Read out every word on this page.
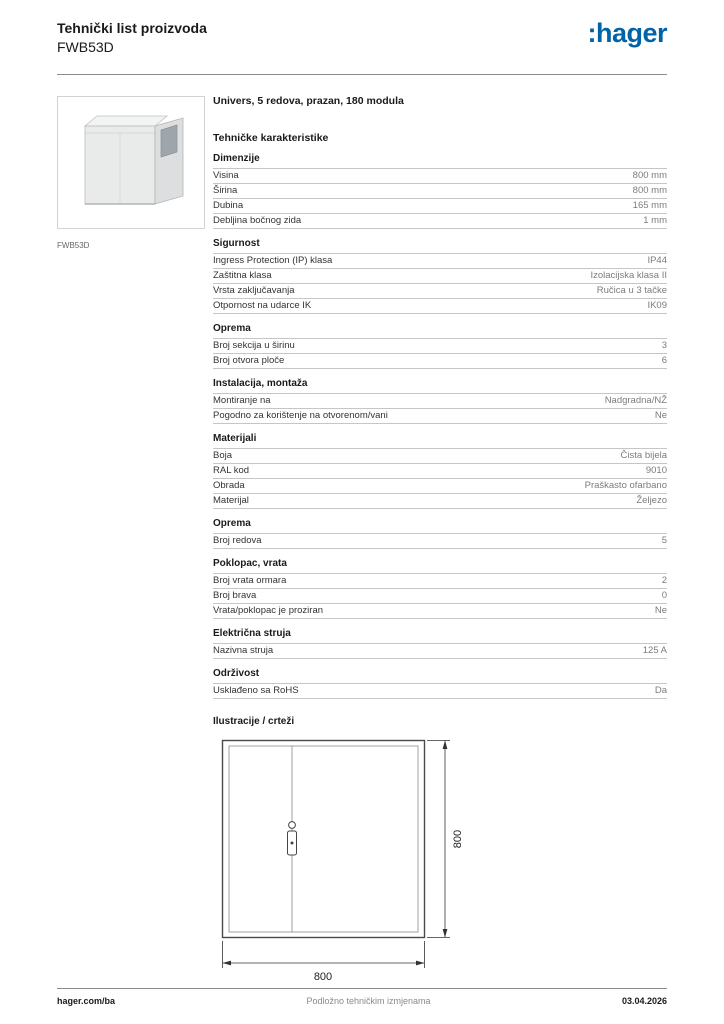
Tehnički list proizvoda
FWB53D	:hager
FWB53D
Univers, 5 redova, prazan, 180 modula
Tehničke karakteristike
Dimenzije
Visina	800 mm
Širina	800 mm
Dubina	165 mm
Debljina bočnog zida	1 mm
Sigurnost
Ingress Protection (IP) klasa	IP44
Zaštitna klasa	Izolacijska klasa II
Vrsta zaključavanja	Ručica u 3 tačke
Otpornost na udarce IK	IK09
Oprema
Broj sekcija u širinu	3
Broj otvora ploče	6
Instalacija, montaža
Montiranje na	Nadgradna/NŽ
Pogodno za korištenje na otvorenom/vani	Ne
Materijali
Boja	Čista bijela
RAL kod	9010
Obrada	Praškasto ofarbano
Materijal	Željezo
Oprema
Broj redova	5
Poklopac, vrata
Broj vrata ormara	2
Broj brava	0
Vrata/poklopac je proziran	Ne
Električna struja
Nazivna struja	125 A
Održivost
Usklađeno sa RoHS	Da
Ilustracije / crteži
800
800
hager.com/ba	Podložno tehničkim izmjenama	03.04.2026
